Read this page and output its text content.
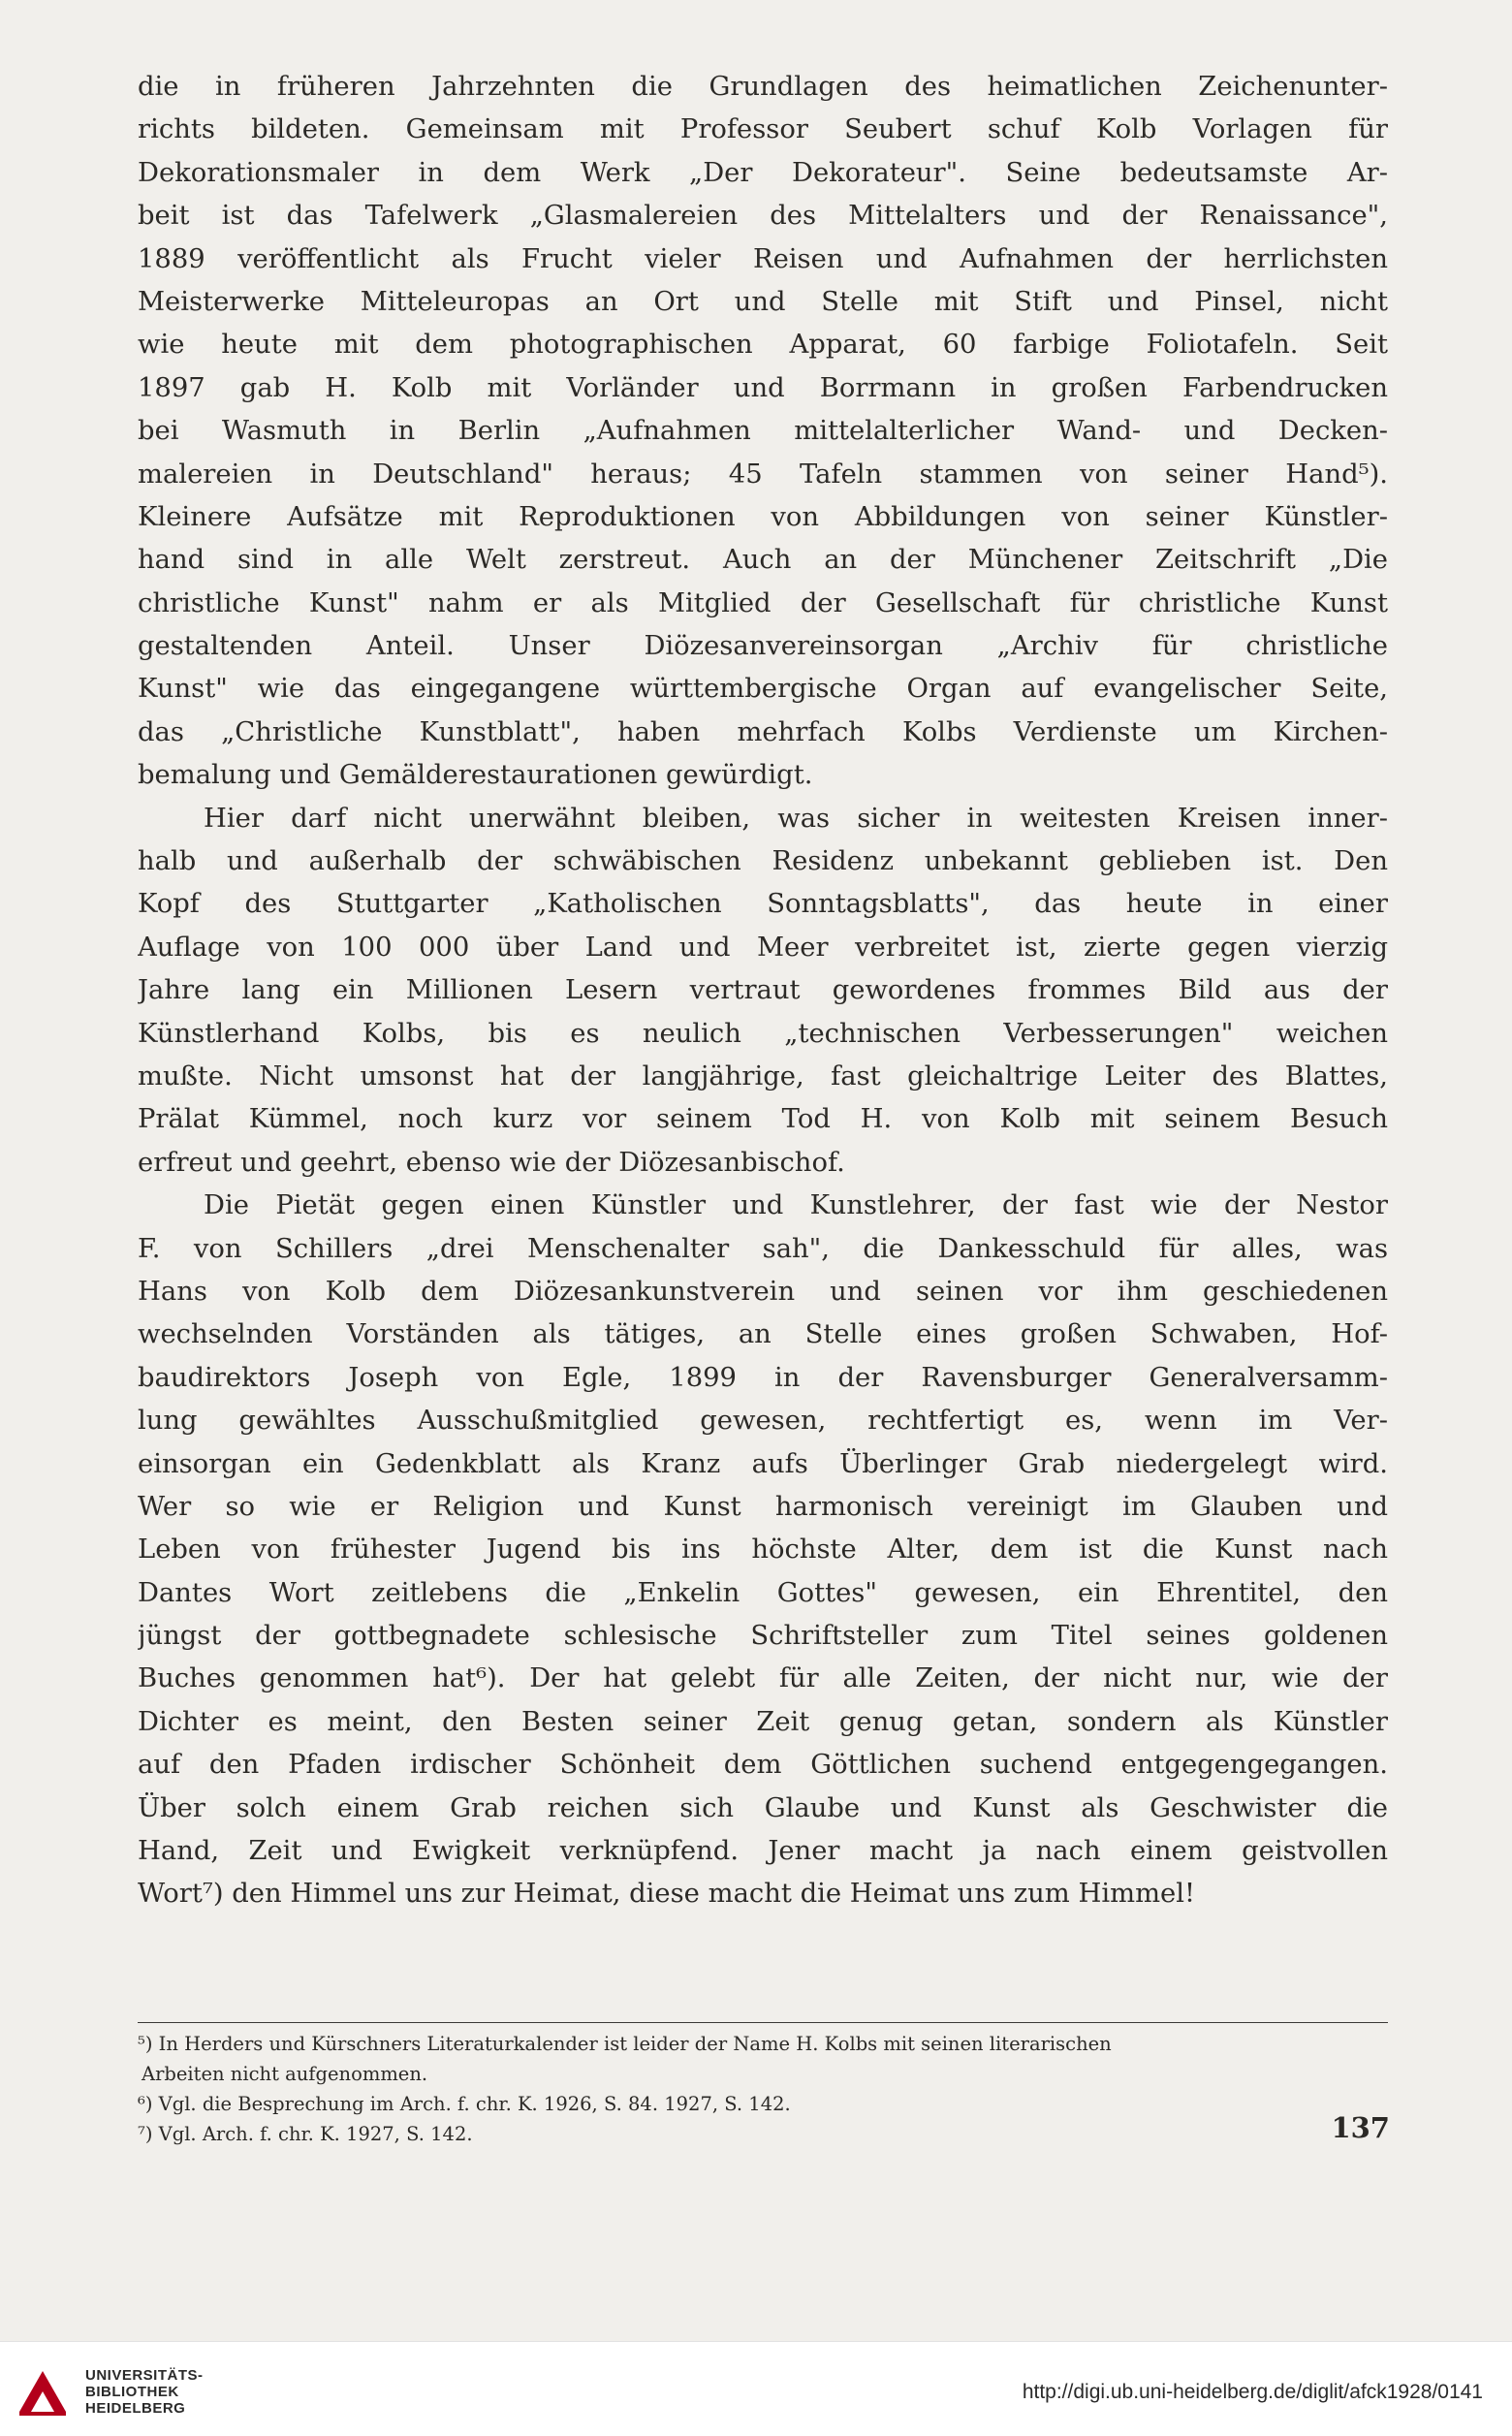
die in früheren Jahrzehnten die Grundlagen des heimatlichen Zeichenunter-
richts bildeten. Gemeinsam mit Professor Seubert schuf Kolb Vorlagen für
Dekorationsmaler in dem Werk „Der Dekorateur". Seine bedeutsamste Ar-
beit ist das Tafelwerk „Glasmalereien des Mittelalters und der Renaissance",
1889 veröffentlicht als Frucht vieler Reisen und Aufnahmen der herrlichsten
Meisterwerke Mitteleuropas an Ort und Stelle mit Stift und Pinsel, nicht
wie heute mit dem photographischen Apparat, 60 farbige Foliotafeln. Seit
1897 gab H. Kolb mit Vorländer und Borrmann in großen Farbendrucken
bei Wasmuth in Berlin „Aufnahmen mittelalterlicher Wand- und Decken-
malereien in Deutschland" heraus; 45 Tafeln stammen von seiner Hand⁵).
Kleinere Aufsätze mit Reproduktionen von Abbildungen von seiner Künstler-
hand sind in alle Welt zerstreut. Auch an der Münchener Zeitschrift „Die
christliche Kunst" nahm er als Mitglied der Gesellschaft für christliche Kunst
gestaltenden Anteil. Unser Diözesanvereinsorgan „Archiv für christliche
Kunst" wie das eingegangene württembergische Organ auf evangelischer Seite,
das „Christliche Kunstblatt", haben mehrfach Kolbs Verdienste um Kirchen-
bemalung und Gemälderestaurationen gewürdigt.
Hier darf nicht unerwähnt bleiben, was sicher in weitesten Kreisen inner-
halb und außerhalb der schwäbischen Residenz unbekannt geblieben ist. Den
Kopf des Stuttgarter „Katholischen Sonntagsblatts", das heute in einer
Auflage von 100 000 über Land und Meer verbreitet ist, zierte gegen vierzig
Jahre lang ein Millionen Lesern vertraut gewordenes frommes Bild aus der
Künstlerhand Kolbs, bis es neulich „technischen Verbesserungen" weichen
mußte. Nicht umsonst hat der langjährige, fast gleichaltrige Leiter des Blattes,
Prälat Kümmel, noch kurz vor seinem Tod H. von Kolb mit seinem Besuch
erfreut und geehrt, ebenso wie der Diözesanbischof.
Die Pietät gegen einen Künstler und Kunstlehrer, der fast wie der Nestor
F. von Schillers „drei Menschenalter sah", die Dankesschuld für alles, was
Hans von Kolb dem Diözesankunstverein und seinen vor ihm geschiedenen
wechselnden Vorständen als tätiges, an Stelle eines großen Schwaben, Hof-
baudirektors Joseph von Egle, 1899 in der Ravensburger Generalversamm-
lung gewähltes Ausschußmitglied gewesen, rechtfertigt es, wenn im Ver-
einsorgan ein Gedenkblatt als Kranz aufs Überlinger Grab niedergelegt wird.
Wer so wie er Religion und Kunst harmonisch vereinigt im Glauben und
Leben von frühester Jugend bis ins höchste Alter, dem ist die Kunst nach
Dantes Wort zeitlebens die „Enkelin Gottes" gewesen, ein Ehrentitel, den
jüngst der gottbegnadete schlesische Schriftsteller zum Titel seines goldenen
Buches genommen hat⁶). Der hat gelebt für alle Zeiten, der nicht nur, wie der
Dichter es meint, den Besten seiner Zeit genug getan, sondern als Künstler
auf den Pfaden irdischer Schönheit dem Göttlichen suchend entgegengegangen.
Über solch einem Grab reichen sich Glaube und Kunst als Geschwister die
Hand, Zeit und Ewigkeit verknüpfend. Jener macht ja nach einem geistvollen
Wort⁷) den Himmel uns zur Heimat, diese macht die Heimat uns zum Himmel!
⁵) In Herders und Kürschners Literaturkalender ist leider der Name H. Kolbs mit seinen literarischen
Arbeiten nicht aufgenommen.
⁶) Vgl. die Besprechung im Arch. f. chr. K. 1926, S. 84. 1927, S. 142.
⁷) Vgl. Arch. f. chr. K. 1927, S. 142.	137
UNIVERSITÄTS-
BIBLIOTHEK
HEIDELBERG
http://digi.ub.uni-heidelberg.de/diglit/afck1928/0141
